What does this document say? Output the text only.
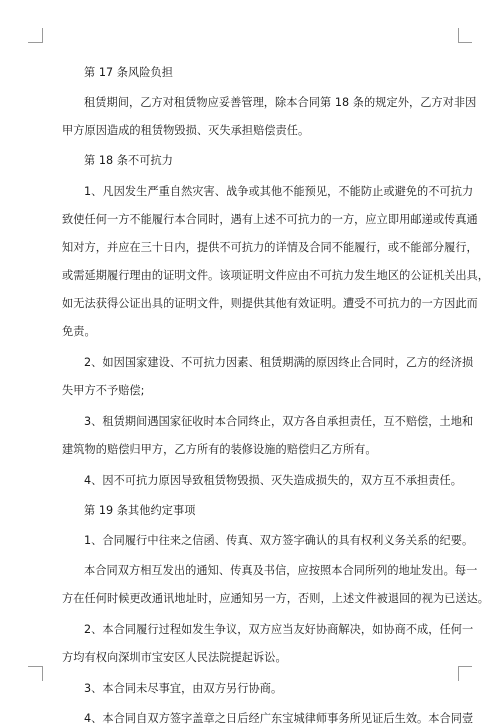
第 17 条风险负担
租赁期间，乙方对租赁物应妥善管理，除本合同第 18 条的规定外，乙方对非因
甲方原因造成的租赁物毁损、灭失承担赔偿责任。
第 18 条不可抗力
1、凡因发生严重自然灾害、战争或其他不能预见，不能防止或避免的不可抗力
致使任何一方不能履行本合同时，遇有上述不可抗力的一方，应立即用邮递或传真通
知对方，并应在三十日内，提供不可抗力的详情及合同不能履行，或不能部分履行，
或需延期履行理由的证明文件。该项证明文件应由不可抗力发生地区的公证机关出具，
如无法获得公证出具的证明文件，则提供其他有效证明。遭受不可抗力的一方因此而
免责。
2、如因国家建设、不可抗力因素、租赁期满的原因终止合同时，乙方的经济损
失甲方不予赔偿;
3、租赁期间遇国家征收时本合同终止，双方各自承担责任，互不赔偿，土地和
建筑物的赔偿归甲方，乙方所有的装修设施的赔偿归乙方所有。
4、因不可抗力原因导致租赁物毁损、灭失造成损失的，双方互不承担责任。
第 19 条其他约定事项
1、合同履行中往来之信函、传真、双方签字确认的具有权利义务关系的纪要。
本合同双方相互发出的通知、传真及书信，应按照本合同所列的地址发出。每一
方在任何时候更改通讯地址时，应通知另一方，否则，上述文件被退回的视为已送达。
2、本合同履行过程如发生争议，双方应当友好协商解决，如协商不成，任何一
方均有权向深圳市宝安区人民法院提起诉讼。
3、本合同未尽事宜，由双方另行协商。
4、本合同自双方签字盖章之日后经广东宝城律师事务所见证后生效。本合同壹
